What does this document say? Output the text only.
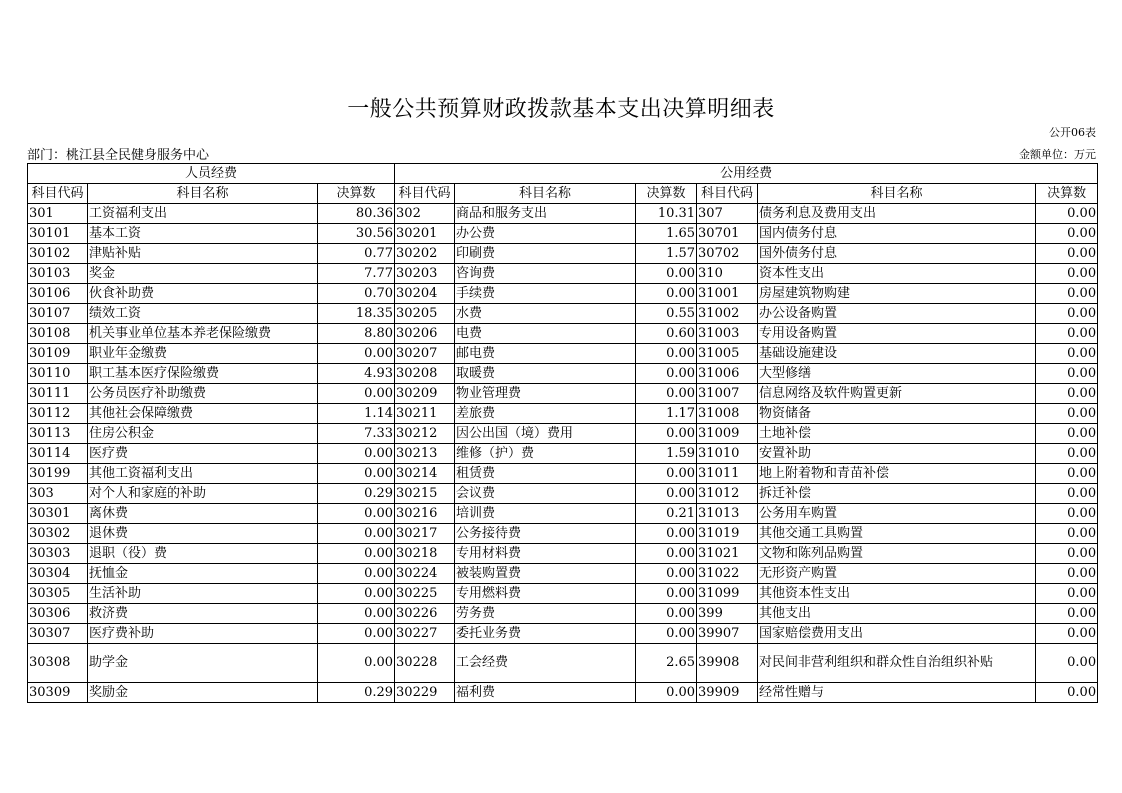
一般公共预算财政拨款基本支出决算明细表
公开06表
部门：桃江县全民健身服务中心	金额单位：万元
人员经费			公用经费					
科目代码	科目名称	决算数	科目代码	科目名称	决算数	科目代码	科目名称	决算数
301	工资福利支出	80.36	302	商品和服务支出	10.31	307	债务利息及费用支出	0.00
30101	基本工资	30.56	30201	办公费	1.65	30701	国内债务付息	0.00
30102	津贴补贴	0.77	30202	印刷费	1.57	30702	国外债务付息	0.00
30103	奖金	7.77	30203	咨询费	0.00	310	资本性支出	0.00
30106	伙食补助费	0.70	30204	手续费	0.00	31001	房屋建筑物购建	0.00
30107	绩效工资	18.35	30205	水费	0.55	31002	办公设备购置	0.00
30108	机关事业单位基本养老保险缴费	8.80	30206	电费	0.60	31003	专用设备购置	0.00
30109	职业年金缴费	0.00	30207	邮电费	0.00	31005	基础设施建设	0.00
30110	职工基本医疗保险缴费	4.93	30208	取暖费	0.00	31006	大型修缮	0.00
30111	公务员医疗补助缴费	0.00	30209	物业管理费	0.00	31007	信息网络及软件购置更新	0.00
30112	其他社会保障缴费	1.14	30211	差旅费	1.17	31008	物资储备	0.00
30113	住房公积金	7.33	30212	因公出国（境）费用	0.00	31009	土地补偿	0.00
30114	医疗费	0.00	30213	维修（护）费	1.59	31010	安置补助	0.00
30199	其他工资福利支出	0.00	30214	租赁费	0.00	31011	地上附着物和青苗补偿	0.00
303	对个人和家庭的补助	0.29	30215	会议费	0.00	31012	拆迁补偿	0.00
30301	离休费	0.00	30216	培训费	0.21	31013	公务用车购置	0.00
30302	退休费	0.00	30217	公务接待费	0.00	31019	其他交通工具购置	0.00
30303	退职（役）费	0.00	30218	专用材料费	0.00	31021	文物和陈列品购置	0.00
30304	抚恤金	0.00	30224	被装购置费	0.00	31022	无形资产购置	0.00
30305	生活补助	0.00	30225	专用燃料费	0.00	31099	其他资本性支出	0.00
30306	救济费	0.00	30226	劳务费	0.00	399	其他支出	0.00
30307	医疗费补助	0.00	30227	委托业务费	0.00	39907	国家赔偿费用支出	0.00
30308	助学金	0.00	30228	工会经费	2.65	39908	对民间非营利组织和群众性自治组织补贴	0.00
30309	奖励金	0.29	30229	福利费	0.00	39909	经常性赠与	0.00
